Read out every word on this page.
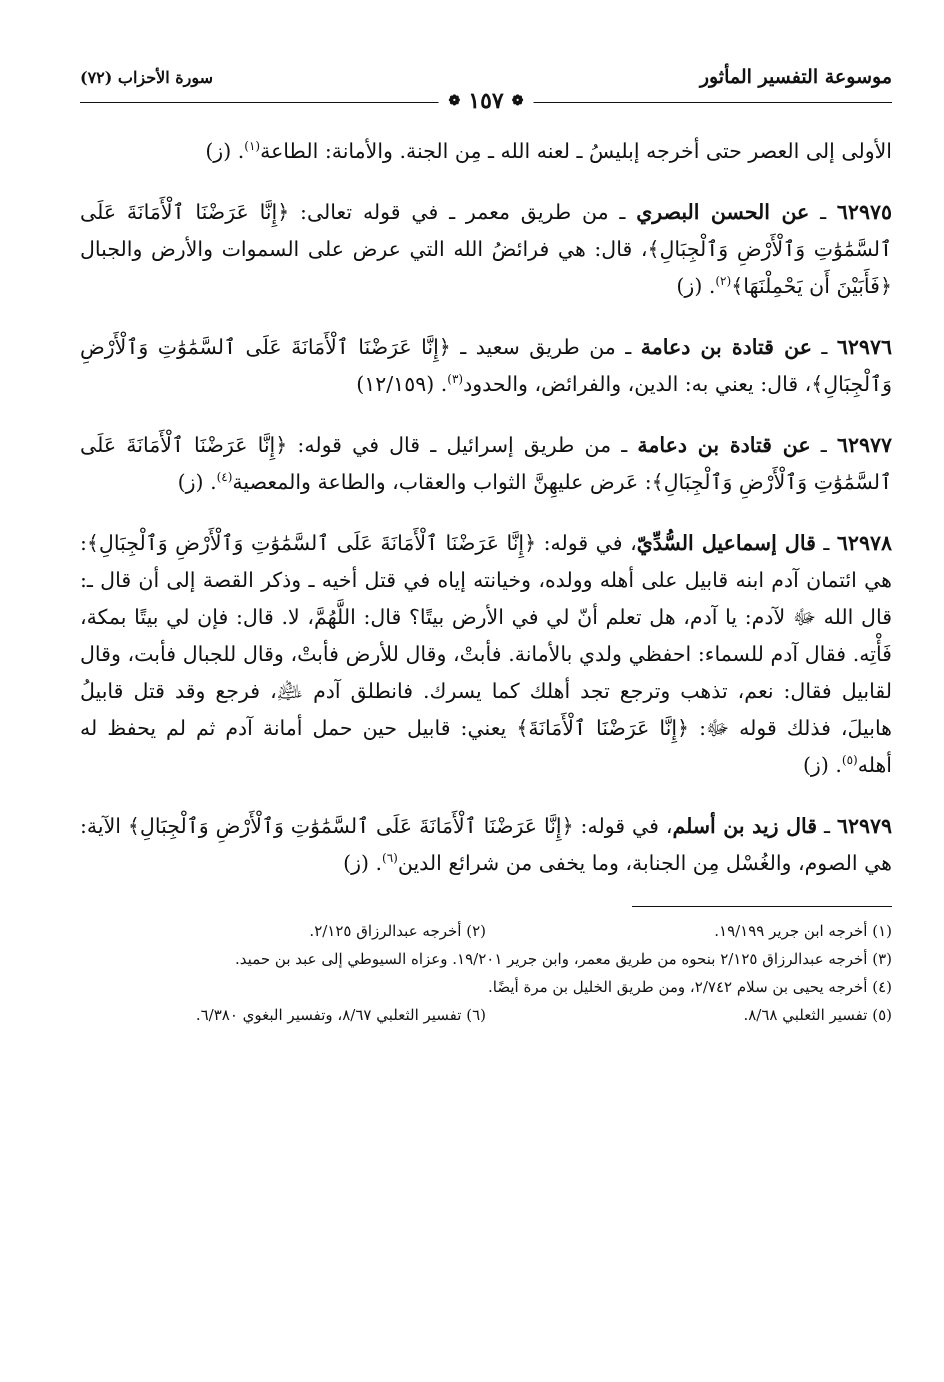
موسوعة التفسير المأثور
سورة الأحزاب (٧٢)
❁
١٥٧
❁

الأولى إلى العصر حتى أخرجه إبليسُ ـ لعنه الله ـ مِن الجنة. والأمانة: الطاعة$^{(١)}$. (ز)

٦٢٩٧٥ ـ عن الحسن البصري ـ من طريق معمر ـ في قوله تعالى: ﴿إِنَّا عَرَضْنَا ٱلْأَمَانَةَ عَلَى ٱلسَّمَٰوَٰتِ وَٱلْأَرْضِ وَٱلْجِبَالِ﴾، قال: هي فرائضُ الله التي عرض على السموات والأرض والجبال ﴿فَأَبَيْنَ أَن يَحْمِلْنَهَا﴾$^{(٢)}$. (ز)

٦٢٩٧٦ ـ عن قتادة بن دعامة ـ من طريق سعيد ـ ﴿إِنَّا عَرَضْنَا ٱلْأَمَانَةَ عَلَى ٱلسَّمَٰوَٰتِ وَٱلْأَرْضِ وَٱلْجِبَالِ﴾، قال: يعني به: الدين، والفرائض، والحدود$^{(٣)}$. (١٢/١٥٩)

٦٢٩٧٧ ـ عن قتادة بن دعامة ـ من طريق إسرائيل ـ قال في قوله: ﴿إِنَّا عَرَضْنَا ٱلْأَمَانَةَ عَلَى ٱلسَّمَٰوَٰتِ وَٱلْأَرْضِ وَٱلْجِبَالِ﴾: عَرض عليهِنَّ الثواب والعقاب، والطاعة والمعصية$^{(٤)}$. (ز)

٦٢٩٧٨ ـ قال إسماعيل السُّدِّيّ، في قوله: ﴿إِنَّا عَرَضْنَا ٱلْأَمَانَةَ عَلَى ٱلسَّمَٰوَٰتِ وَٱلْأَرْضِ وَٱلْجِبَالِ﴾: هي ائتمان آدم ابنه قابيل على أهله وولده، وخيانته إياه في قتل أخيه ـ وذكر القصة إلى أن قال ـ: قال الله ﷻ لآدم: يا آدم، هل تعلم أنّ لي في الأرض بيتًا؟ قال: اللَّهُمَّ، لا. قال: فإن لي بيتًا بمكة، فَأْتِه. فقال آدم للسماء: احفظي ولدي بالأمانة. فأبتْ، وقال للأرض فأبتْ، وقال للجبال فأبت، وقال لقابيل فقال: نعم، تذهب وترجع تجد أهلك كما يسرك. فانطلق آدم ﵇، فرجع وقد قتل قابيلُ هابيلَ، فذلك قوله ﷻ: ﴿إِنَّا عَرَضْنَا ٱلْأَمَانَةَ﴾ يعني: قابيل حين حمل أمانة آدم ثم لم يحفظ له أهله$^{(٥)}$. (ز)

٦٢٩٧٩ ـ قال زيد بن أسلم، في قوله: ﴿إِنَّا عَرَضْنَا ٱلْأَمَانَةَ عَلَى ٱلسَّمَٰوَٰتِ وَٱلْأَرْضِ وَٱلْجِبَالِ﴾ الآية: هي الصوم، والغُسْل مِن الجنابة، وما يخفى من شرائع الدين$^{(٦)}$. (ز)

(١) أخرجه ابن جرير ١٩/١٩٩.
(٢) أخرجه عبدالرزاق ٢/١٢٥.
(٣) أخرجه عبدالرزاق ٢/١٢٥ بنحوه من طريق معمر، وابن جرير ١٩/٢٠١. وعزاه السيوطي إلى عبد بن حميد.
(٤) أخرجه يحيى بن سلام ٢/٧٤٢، ومن طريق الخليل بن مرة أيضًا.
(٥) تفسير الثعلبي ٨/٦٨.
(٦) تفسير الثعلبي ٨/٦٧، وتفسير البغوي ٦/٣٨٠.
